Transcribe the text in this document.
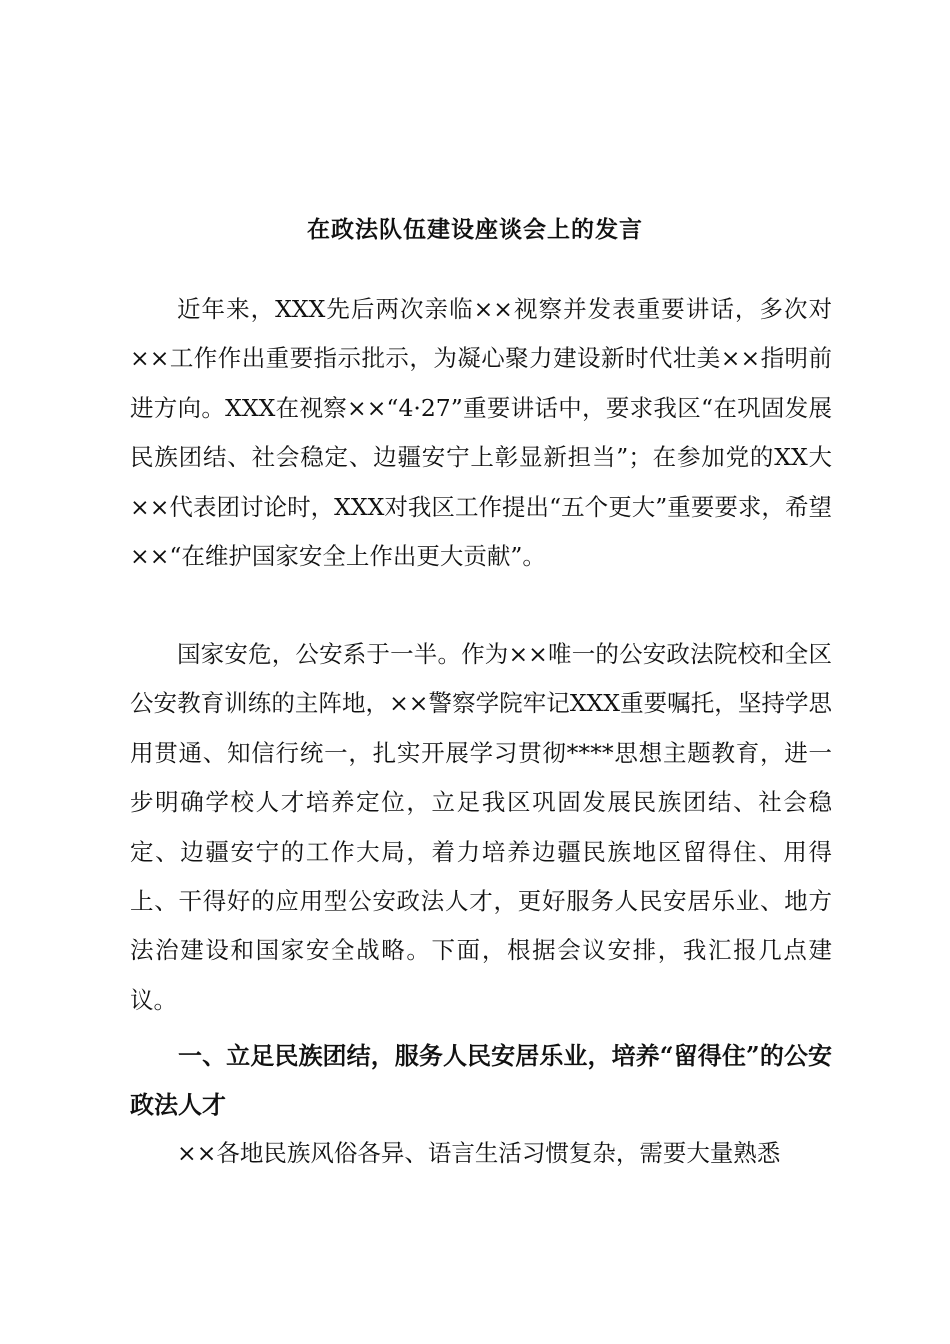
在政法队伍建设座谈会上的发言

近年来，XXX先后两次亲临××视察并发表重要讲话，多次对××工作作出重要指示批示，为凝心聚力建设新时代壮美××指明前进方向。XXX在视察××“4·27”重要讲话中，要求我区“在巩固发展民族团结、社会稳定、边疆安宁上彰显新担当”；在参加党的XX大××代表团讨论时，XXX对我区工作提出“五个更大”重要要求，希望××“在维护国家安全上作出更大贡献”。

国家安危，公安系于一半。作为××唯一的公安政法院校和全区公安教育训练的主阵地，××警察学院牢记XXX重要嘱托，坚持学思用贯通、知信行统一，扎实开展学习贯彻****思想主题教育，进一步明确学校人才培养定位，立足我区巩固发展民族团结、社会稳定、边疆安宁的工作大局，着力培养边疆民族地区留得住、用得上、干得好的应用型公安政法人才，更好服务人民安居乐业、地方法治建设和国家安全战略。下面，根据会议安排，我汇报几点建议。

一、立足民族团结，服务人民安居乐业，培养“留得住”的公安政法人才

××各地民族风俗各异、语言生活习惯复杂，需要大量熟悉
